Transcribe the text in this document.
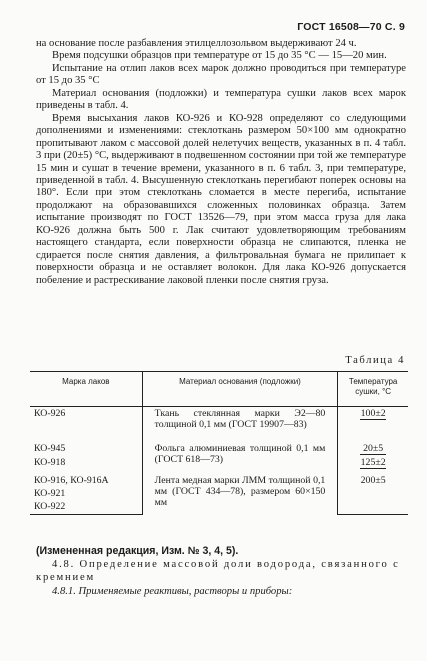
ГОСТ 16508—70 С. 9

на основание после разбавления этилцеллозольвом выдерживают 24 ч.

Время подсушки образцов при температуре от 15 до 35 °С — 15—20 мин.

Испытание на отлип лаков всех марок должно проводиться при температуре от 15 до 35 °С

Материал основания (подложки) и температура сушки лаков всех марок приведены в табл. 4.

Время высыхания лаков КО-926 и КО-928 определяют со следующими дополнениями и изменениями: стеклоткань размером 50×100 мм однократно пропитывают лаком с массовой долей нелетучих веществ, указанных в п. 4 табл. 3 при (20±5) °С, выдерживают в подвешенном состоянии при той же температуре 15 мин и сушат в течение времени, указанного в п. 6 табл. 3, при температуре, приведенной в табл. 4. Высушенную стеклоткань перегибают поперек основы на 180°. Если при этом стеклоткань сломается в месте перегиба, испытание продолжают на образовавшихся сложенных половинках образца. Затем испытание производят по ГОСТ 13526—79, при этом масса груза для лака КО-926 должна быть 500 г. Лак считают удовлетворяющим требованиям настоящего стандарта, если поверхности образца не слипаются, пленка не сдирается после снятия давления, а фильтровальная бумага не прилипает к поверхности образца и не оставляет волокон. Для лака КО-926 допускается побеление и растрескивание лаковой пленки после снятия груза.

Таблица 4
Марка лаков	Материал основания (подложки)	Температура сушки, °С
КО-926	Ткань стеклянная марки Э2—80 толщиной 0,1 мм (ГОСТ 19907—83)	100±2
КО-945	Фольга алюминиевая толщиной 0,1 мм (ГОСТ 618—73)	20±5
КО-918		125±2
КО-916, КО-916А	Лента медная марки ЛММ толщиной 0,1 мм (ГОСТ 434—78), размером 60×150 мм	200±5
КО-921		
КО-922		

(Измененная редакция, Изм. № 3, 4, 5).

4.8. Определение массовой доли водорода, связанного с кремнием

4.8.1. Применяемые реактивы, растворы и приборы:
